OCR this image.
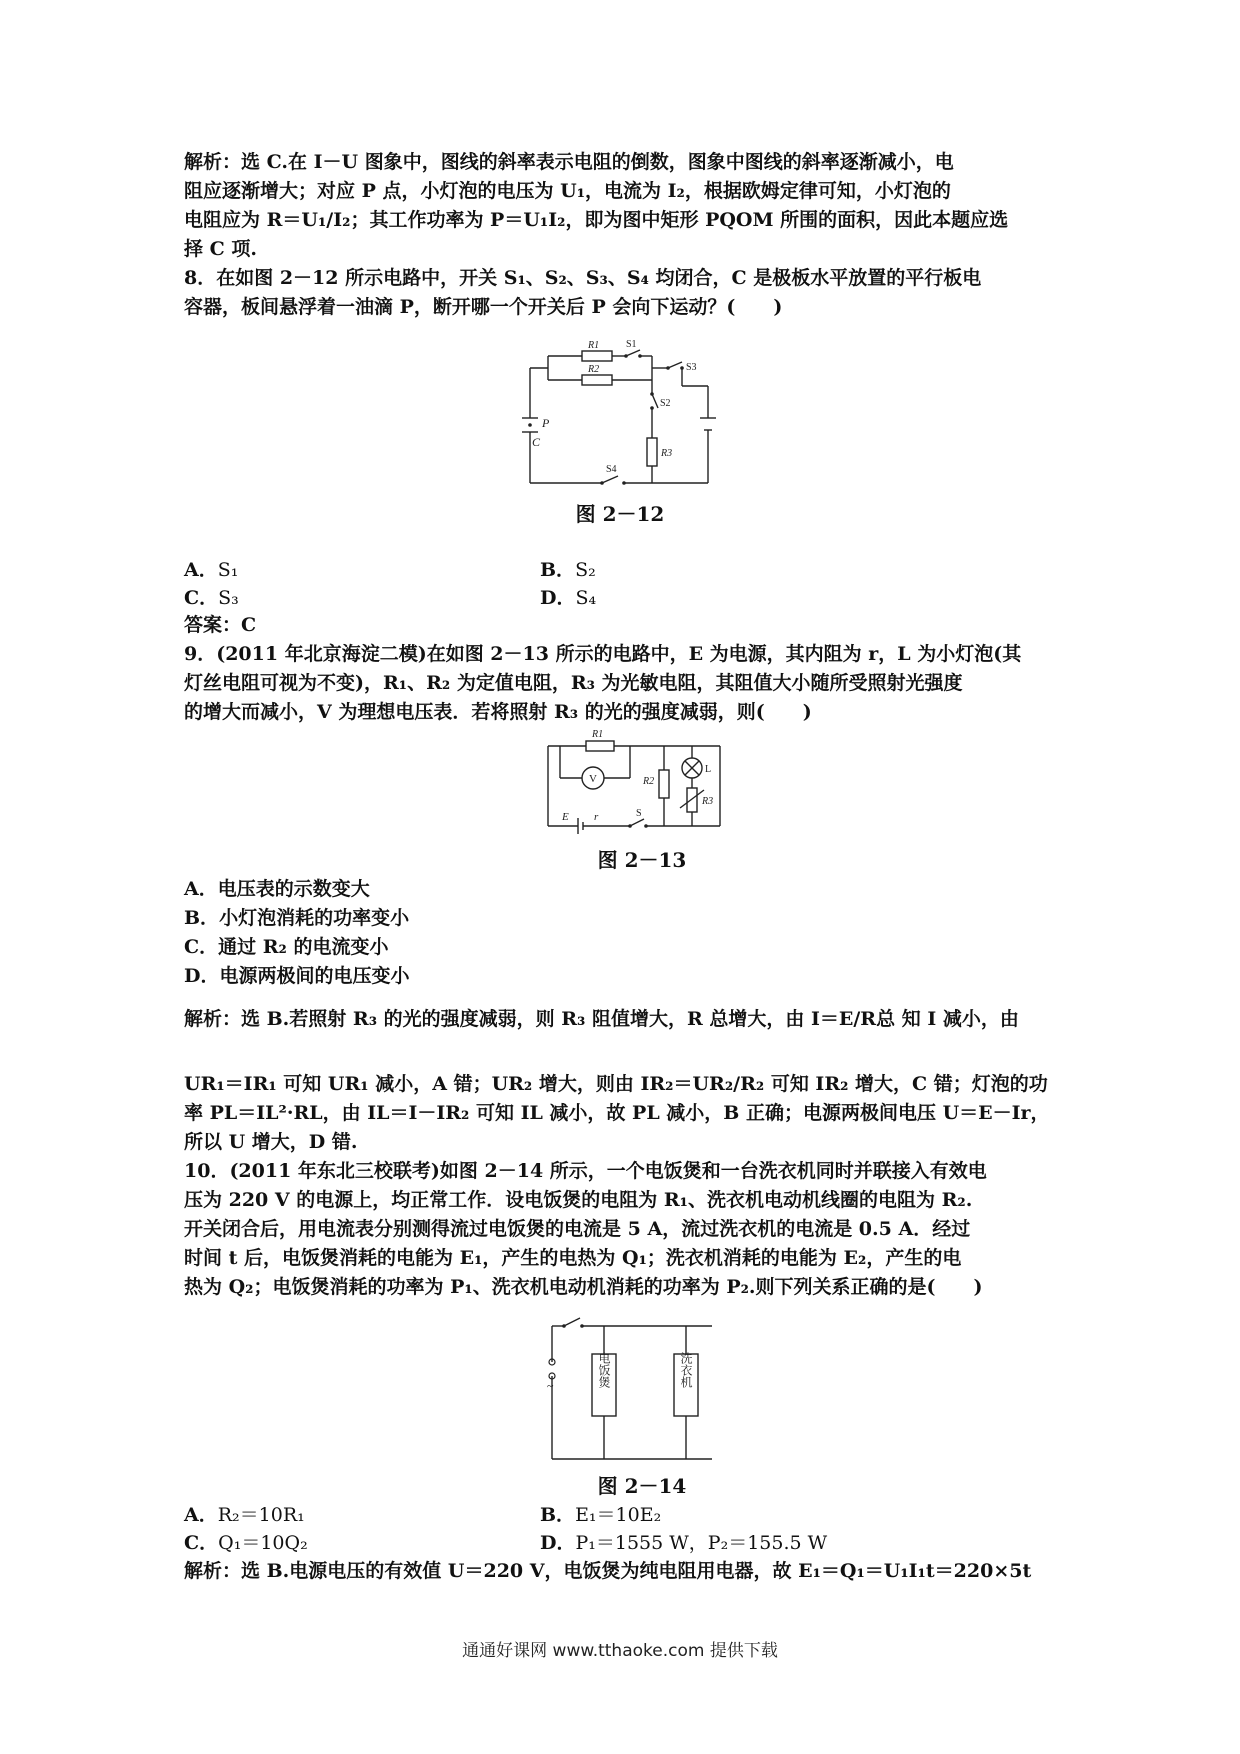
解析：选 C.在 I－U 图象中，图线的斜率表示电阻的倒数，图象中图线的斜率逐渐减小，电

阻应逐渐增大；对应 P 点，小灯泡的电压为 U₁，电流为 I₂，根据欧姆定律可知，小灯泡的

电阻应为 R＝U₁/I₂；其工作功率为 P＝U₁I₂，即为图中矩形 PQOM 所围的面积，因此本题应选

择 C 项.

8．在如图 2－12 所示电路中，开关 S₁、S₂、S₃、S₄ 均闭合，C 是极板水平放置的平行板电

容器，板间悬浮着一油滴 P，断开哪一个开关后 P 会向下运动？(　　)

R1	S1
R2	S3
S2
R3
S4
P
C
图 2－12
A．S₁	B．S₂
C．S₃	D．S₄
答案：C

9．(2011 年北京海淀二模)在如图 2－13 所示的电路中，E 为电源，其内阻为 r，L 为小灯泡(其

灯丝电阻可视为不变)，R₁、R₂ 为定值电阻，R₃ 为光敏电阻，其阻值大小随所受照射光强度

的增大而减小，V 为理想电压表．若将照射 R₃ 的光的强度减弱，则(　　)

R1
V	R2
L
R3
E r	S
图 2－13

A．电压表的示数变大

B．小灯泡消耗的功率变小

C．通过 R₂ 的电流变小

D．电源两极间的电压变小

解析：选 B.若照射 R₃ 的光的强度减弱，则 R₃ 阻值增大，R 总增大，由 I＝E/R总 知 I 减小，由

UR₁＝IR₁ 可知 UR₁ 减小，A 错；UR₂ 增大，则由 IR₂＝UR₂/R₂ 可知 IR₂ 增大，C 错；灯泡的功

率 PL＝IL²·RL，由 IL＝I－IR₂ 可知 IL 减小，故 PL 减小，B 正确；电源两极间电压 U＝E－Ir，

所以 U 增大，D 错.

10．(2011 年东北三校联考)如图 2－14 所示，一个电饭煲和一台洗衣机同时并联接入有效电

压为 220 V 的电源上，均正常工作．设电饭煲的电阻为 R₁、洗衣机电动机线圈的电阻为 R₂.

开关闭合后，用电流表分别测得流过电饭煲的电流是 5 A，流过洗衣机的电流是 0.5 A．经过

时间 t 后，电饭煲消耗的电能为 E₁，产生的电热为 Q₁；洗衣机消耗的电能为 E₂，产生的电

热为 Q₂；电饭煲消耗的功率为 P₁、洗衣机电动机消耗的功率为 P₂.则下列关系正确的是(　　)

~	电饭煲	洗衣机
图 2－14
A．R₂＝10R₁	B．E₁＝10E₂
C．Q₁＝10Q₂	D．P₁＝1555 W，P₂＝155.5 W
解析：选 B.电源电压的有效值 U＝220 V，电饭煲为纯电阻用电器，故 E₁＝Q₁＝U₁I₁t＝220×5t
通通好课网 www.tthaoke.com 提供下载
